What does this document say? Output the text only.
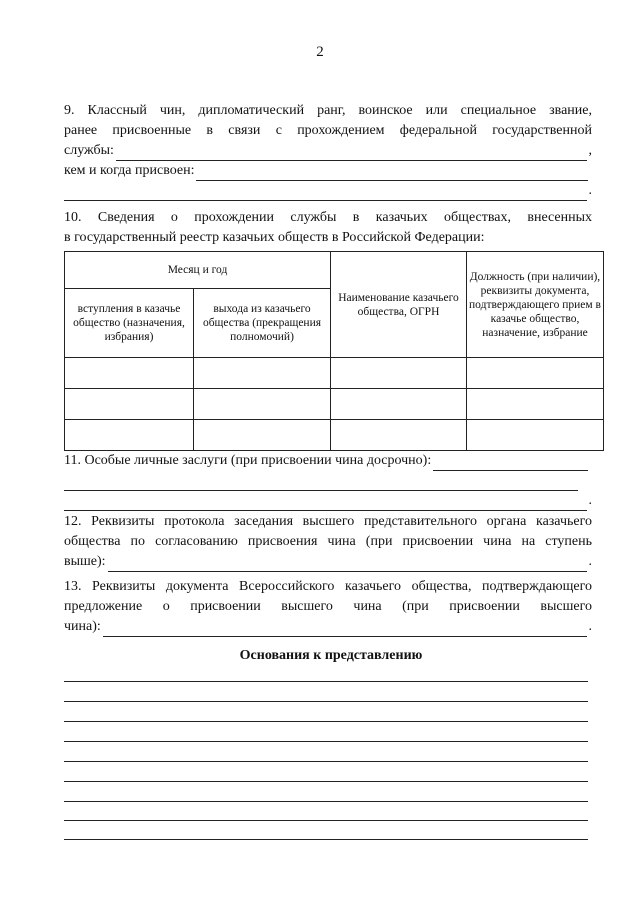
2
9. Классный чин, дипломатический ранг, воинское или специальное звание,
ранее присвоенные в связи с прохождением федеральной государственной
службы:	,
кем и когда присвоен:
.
10. Сведения о прохождении службы в казачьих обществах, внесенных
в государственный реестр казачьих обществ в Российской Федерации:
Месяц и год		Наименование казачьего общества, ОГРН	Должность (при наличии), реквизиты документа, подтверждающего прием в казачье общество, назначение, избрание
вступления в казачье общество (назначения, избрания)	выхода из казачьего общества (прекращения полномочий)		

11. Особые личные заслуги (при присвоении чина досрочно):
.
12. Реквизиты протокола заседания высшего представительного органа казачьего
общества по согласованию присвоения чина (при присвоении чина на ступень
выше):	.
13. Реквизиты документа Всероссийского казачьего общества, подтверждающего
предложение о присвоении высшего чина (при присвоении высшего
чина):	.
Основания к представлению
